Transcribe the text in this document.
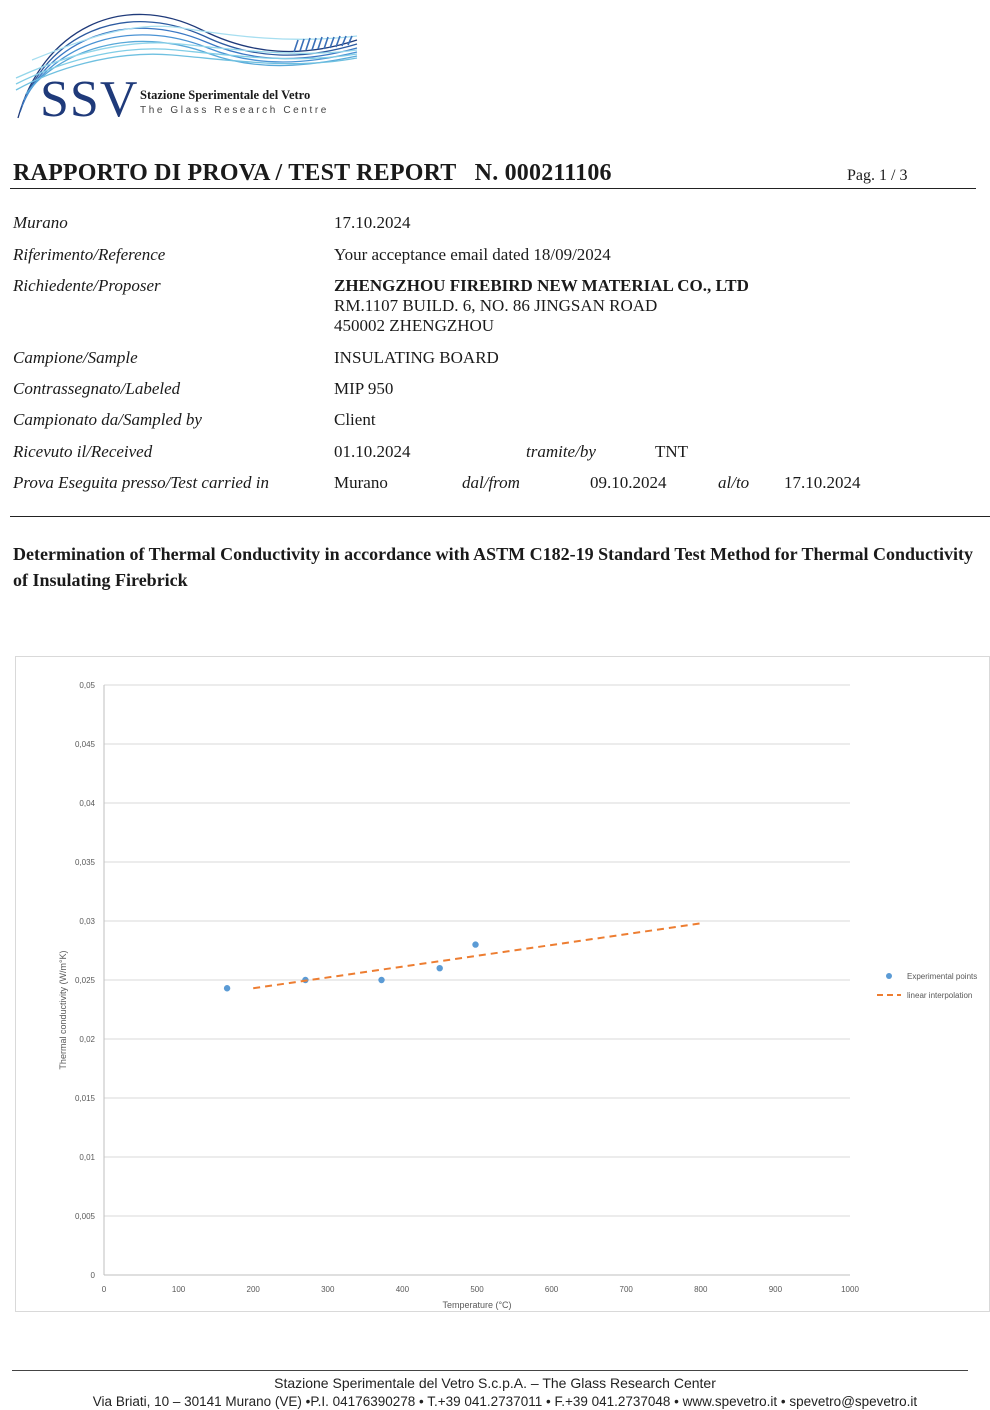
SSV Stazione Sperimentale del Vetro
The Glass Research Centre
RAPPORTO DI PROVA / TEST REPORT   N. 000211106	Pag. 1 / 3
Murano	17.10.2024
Riferimento/Reference	Your acceptance email dated 18/09/2024
Richiedente/Proposer	ZHENGZHOU FIREBIRD NEW MATERIAL CO., LTD
RM.1107 BUILD. 6, NO. 86 JINGSAN ROAD
450002 ZHENGZHOU
Campione/Sample	INSULATING BOARD
Contrassegnato/Labeled	MIP 950
Campionato da/Sampled by	Client
Ricevuto il/Received	01.10.2024	tramite/by	TNT
Prova Eseguita presso/Test carried in	Murano	dal/from	09.10.2024	al/to 17.10.2024
Determination of Thermal Conductivity in accordance with ASTM C182-19 Standard Test Method for Thermal Conductivity of Insulating Firebrick
0
0,005
0,01
0,015
0,02
0,025
0,03
0,035
0,04
0,045
0,05
0	100	200	300	400	500	600	700	800	900	1000
Temperature (°C)
Thermal conductivity (W/m°K)	Experimental points
linear interpolation
Stazione Sperimentale del Vetro S.c.p.A. – The Glass Research Center
Via Briati, 10 – 30141 Murano (VE) •P.I. 04176390278 • T.+39 041.2737011 • F.+39 041.2737048 • www.spevetro.it • spevetro@spevetro.it
